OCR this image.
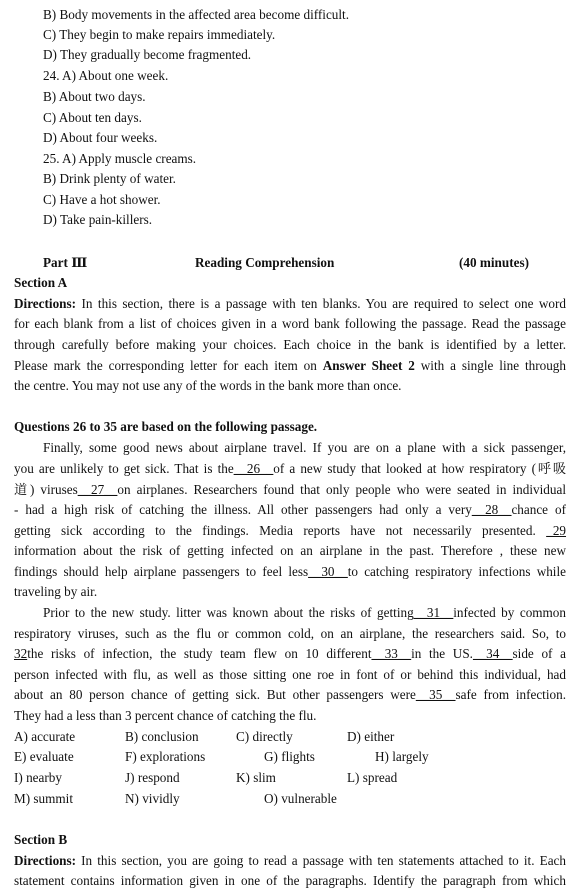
B) Body movements in the affected area become difficult.
C) They begin to make repairs immediately.
D) They gradually become fragmented.
24. A) About one week.
B) About two days.
C) About ten days.
D) About four weeks.
25. A) Apply muscle creams.
B) Drink plenty of water.
C) Have a hot shower.
D) Take pain-killers.
Part Ⅲ	Reading Comprehension	(40 minutes)
Section A
Directions: In this section, there is a passage with ten blanks. You are required to select one word
for each blank from a list of choices given in a word bank following the passage. Read the passage
through carefully before making your choices. Each choice in the bank is identified by a letter.
Please mark the corresponding letter for each item on Answer Sheet 2 with a single line through
the centre. You may not use any of the words in the bank more than once.
Questions 26 to 35 are based on the following passage.
Finally, some good news about airplane travel. If you are on a plane with a sick passenger,
you are unlikely to get sick. That is the__26__of a new study that looked at how respiratory (呼吸
道) viruses__27__on airplanes. Researchers found that only people who were seated in individual
- had a high risk of catching the illness. All other passengers had only a very__28__chance of
getting sick according to the findings. Media reports have not necessarily presented. _29
information about the risk of getting infected on an airplane in the past. Therefore , these new
findings should help airplane passengers to feel less__30__to catching respiratory infections while
traveling by air.
Prior to the new study. litter was known about the risks of getting__31__infected by common
respiratory viruses, such as the flu or common cold, on an airplane, the researchers said. So, to
32the risks of infection, the study team flew on 10 different__33__in the US.__34__side of a
person infected with flu, as well as those sitting one roe in font of or behind this individual, had
about an 80 person chance of getting sick. But other passengers were__35__safe from infection.
They had a less than 3 percent chance of catching the flu.
A) accurate	B) conclusion	C) directly	D) either
E) evaluate	F) explorations	G) flights	H) largely
I) nearby	J) respond	K) slim	L) spread
M) summit	N) vividly	O) vulnerable
Section B
Directions: In this section, you are going to read a passage with ten statements attached to it. Each
statement contains information given in one of the paragraphs. Identify the paragraph from which
